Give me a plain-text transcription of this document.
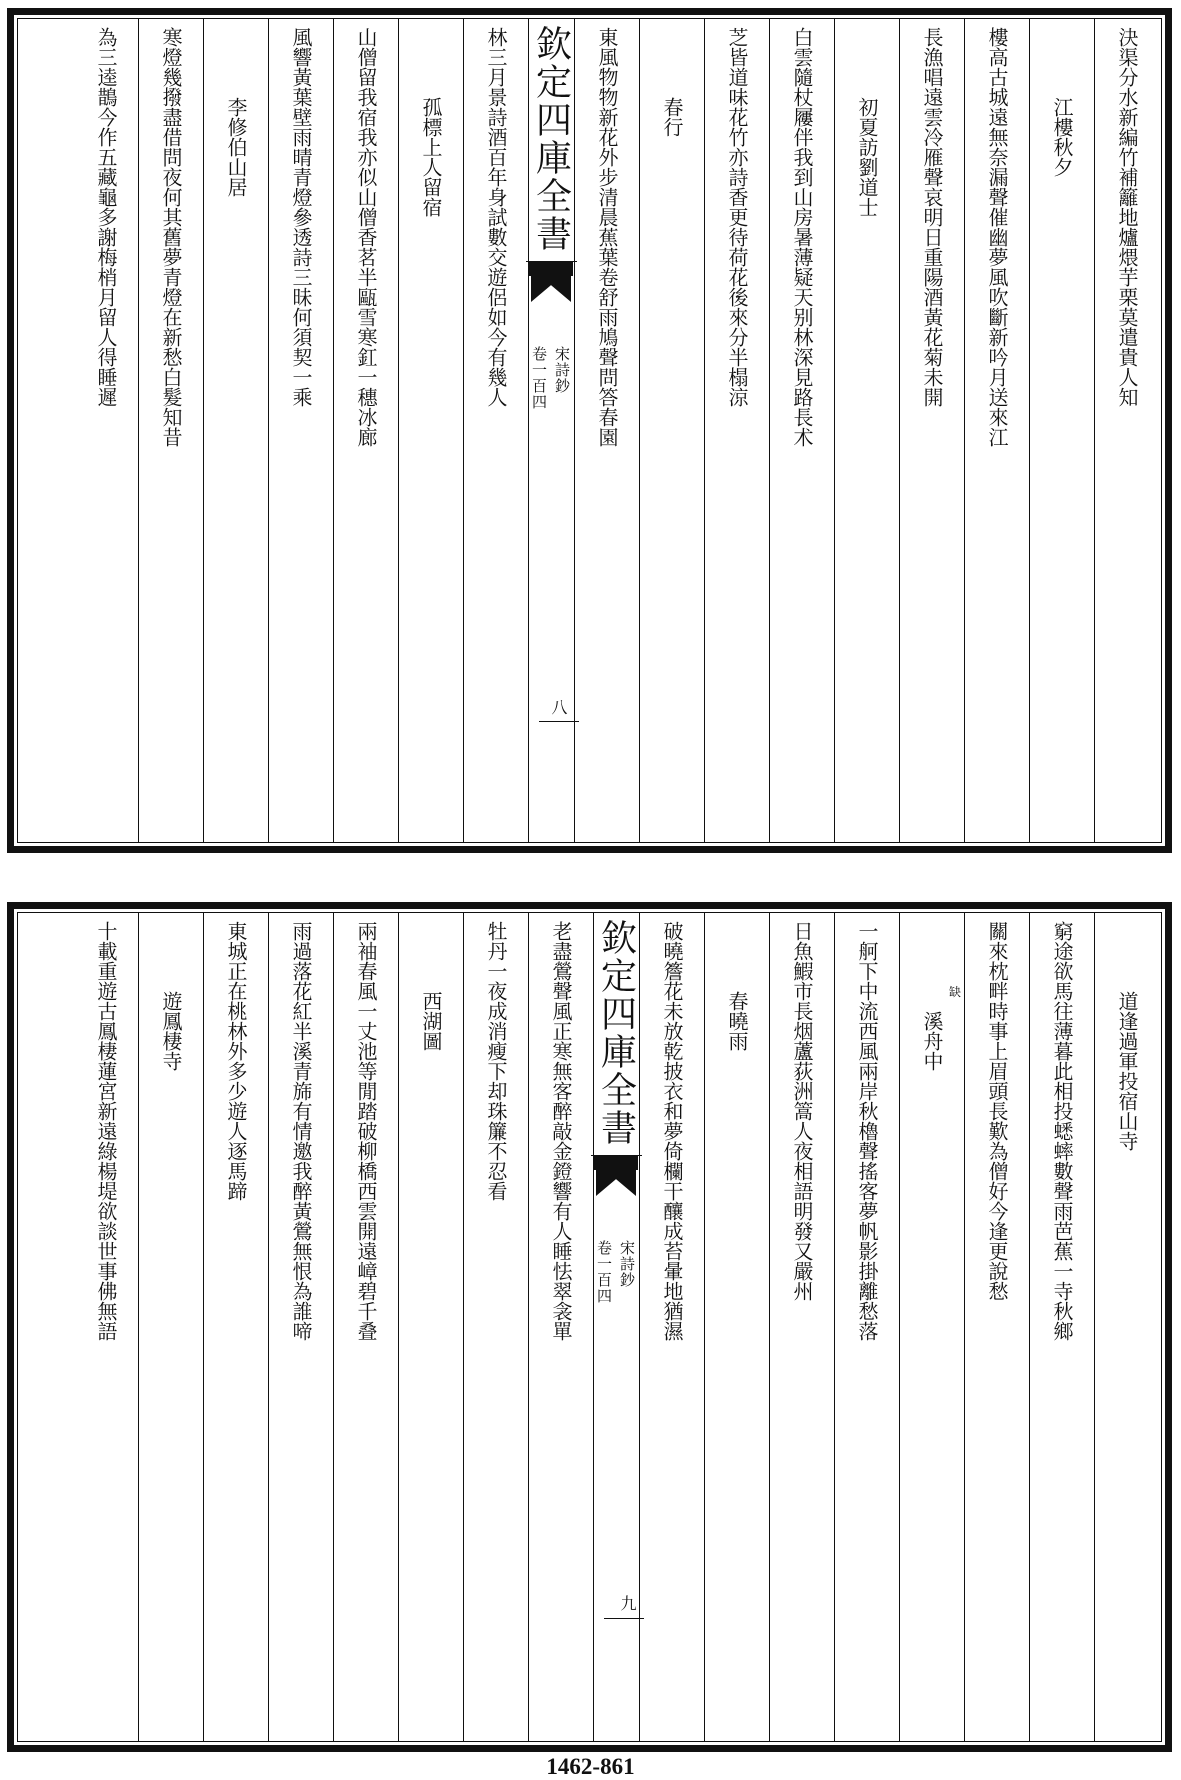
決渠分水新編竹補籬地爐煨芋栗莫遣貴人知
江樓秋夕
樓高古城遠無奈漏聲催幽夢風吹斷新吟月送來江
長漁唱遠雲冷雁聲哀明日重陽酒黃花菊未開
初夏訪劉道士
白雲隨杖屨伴我到山房暑薄疑天别林深見路長术
芝皆道味花竹亦詩香更待荷花後來分半榻涼
春行
東風物物新花外步清晨蕉葉卷舒雨鳩聲問答春園
欽定四庫全書
宋詩鈔
卷一百四
八
林三月景詩酒百年身試數交遊侶如今有幾人
孤標上人留宿
山僧留我宿我亦似山僧香茗半甌雪寒釭一穗冰廊
風響黃葉壁雨晴青燈參透詩三昧何須契一乘
李修伯山居
寒燈幾撥盡借問夜何其舊夢青燈在新愁白髮知昔
為三逵鵲今作五藏龜多謝梅梢月留人得睡遲
道逢過軍投宿山寺
窮途欲馬往薄暮此相投蟋蟀數聲雨芭蕉一寺秋鄉
關來枕畔時事上眉頭長歎為僧好今逢更說愁
缺
溪舟中
一舸下中流西風兩岸秋櫓聲搖客夢帆影掛離愁落
日魚鰕市長烟蘆荻洲篙人夜相語明發又嚴州
春曉雨
破曉簷花未放乾披衣和夢倚欄干釀成苔暈地猶濕
欽定四庫全書
宋詩鈔
卷一百四
九
老盡鶯聲風正寒無客醉敲金鐙響有人睡怯翠衾單
牡丹一夜成消瘦下却珠簾不忍看
西湖圖
兩袖春風一丈池等閒踏破柳橋西雲開遠嶂碧千叠
雨過落花紅半溪青旆有情邀我醉黃鶯無恨為誰啼
東城正在桃林外多少遊人逐馬蹄
遊鳳棲寺
十載重遊古鳳棲蓮宮新遠綠楊堤欲談世事佛無語
1462-861
